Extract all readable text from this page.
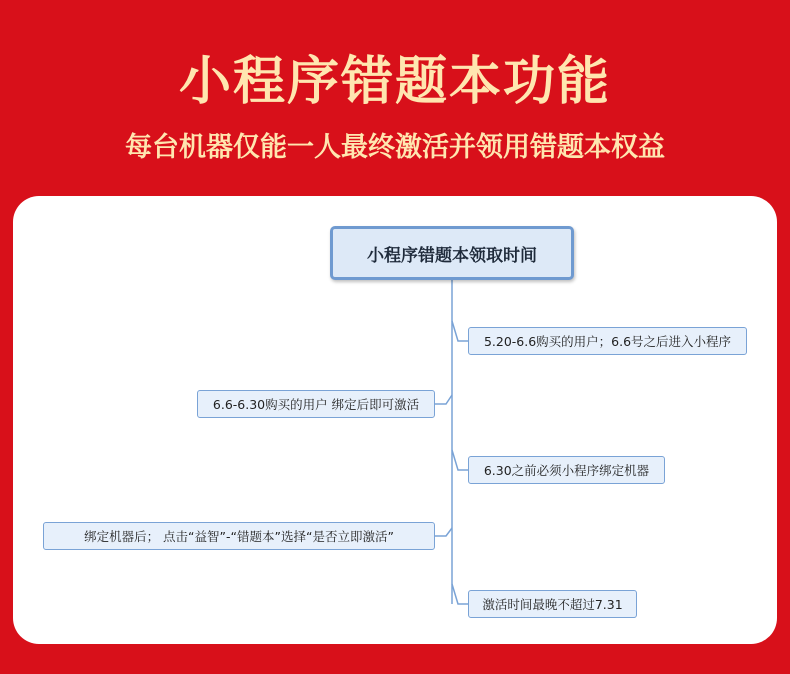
小程序错题本功能
每台机器仅能一人最终激活并领用错题本权益
小程序错题本领取时间
5.20-6.6购买的用户；6.6号之后进入小程序
6.6-6.30购买的用户 绑定后即可激活
6.30之前必须小程序绑定机器
绑定机器后； 点击“益智”-“错题本”选择“是否立即激活”
激活时间最晚不超过7.31
